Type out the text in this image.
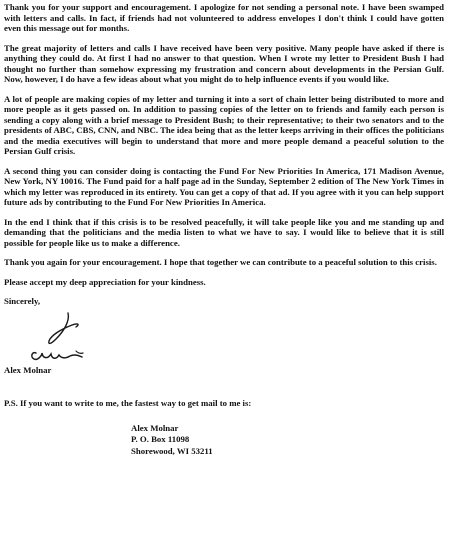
Thank you for your support and encouragement. I apologize for not sending a personal note. I have been swamped with letters and calls. In fact, if friends had not volunteered to address envelopes I don't think I could have gotten even this message out for months.

The great majority of letters and calls I have received have been very positive. Many people have asked if there is anything they could do. At first I had no answer to that question. When I wrote my letter to President Bush I had thought no further than somehow expressing my frustration and concern about developments in the Persian Gulf. Now, however, I do have a few ideas about what you might do to help influence events if you would like.

A lot of people are making copies of my letter and turning it into a sort of chain letter being distributed to more and more people as it gets passed on. In addition to passing copies of the letter on to friends and family each person is sending a copy along with a brief message to President Bush; to their representative; to their two senators and to the presidents of ABC, CBS, CNN, and NBC. The idea being that as the letter keeps arriving in their offices the politicians and the media executives will begin to understand that more and more people demand a peaceful solution to the Persian Gulf crisis.

A second thing you can consider doing is contacting the Fund For New Priorities In America, 171 Madison Avenue, New York, NY 10016. The Fund paid for a half page ad in the Sunday, September 2 edition of The New York Times in which my letter was reproduced in its entirety. You can get a copy of that ad. If you agree with it you can help support future ads by contributing to the Fund For New Priorities In America.

In the end I think that if this crisis is to be resolved peacefully, it will take people like you and me standing up and demanding that the politicians and the media listen to what we have to say. I would like to believe that it is still possible for people like us to make a difference.

Thank you again for your encouragement. I hope that together we can contribute to a peaceful solution to this crisis.

Please accept my deep appreciation for your kindness.

Sincerely,
Alex Molnar
P.S. If you want to write to me, the fastest way to get mail to me is:
Alex Molnar
P. O. Box 11098
Shorewood, WI 53211
